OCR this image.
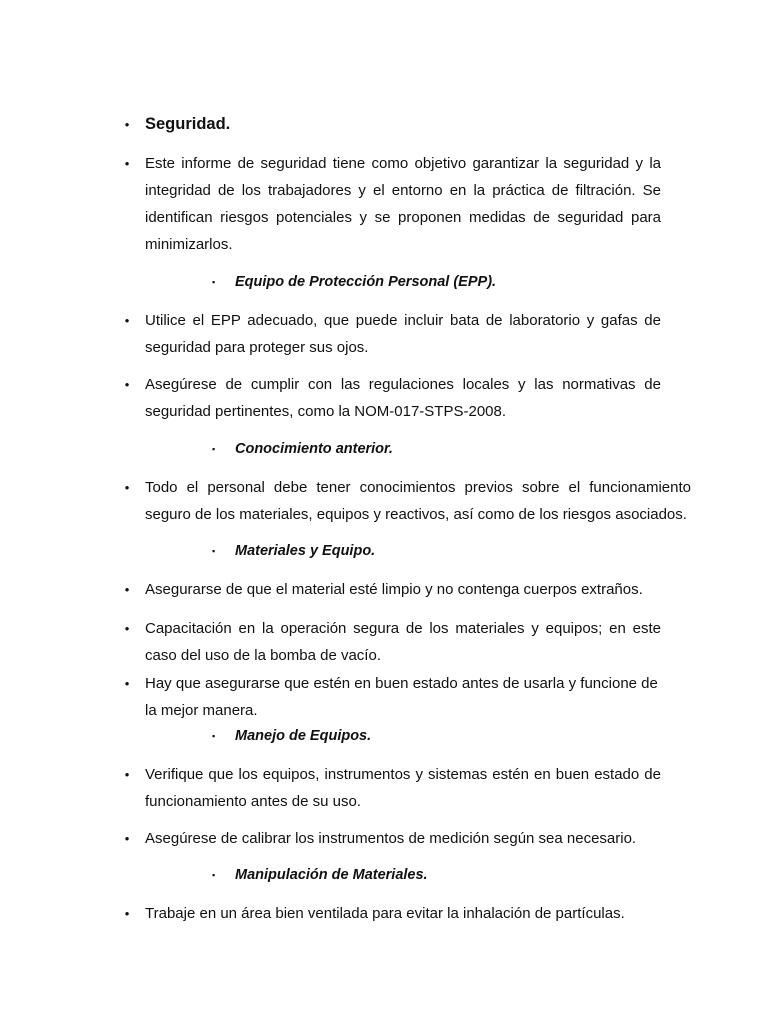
• Seguridad.
•	Este informe de seguridad tiene como objetivo garantizar la seguridad y la integridad de los trabajadores y el entorno en la práctica de filtración. Se identifican riesgos potenciales y se proponen medidas de seguridad para minimizarlos.

▪ Equipo de Protección Personal (EPP).
•	Utilice el EPP adecuado, que puede incluir bata de laboratorio y gafas de seguridad para proteger sus ojos.

•	Asegúrese de cumplir con las regulaciones locales y las normativas de seguridad pertinentes, como la NOM-017-STPS-2008.

▪ Conocimiento anterior.
•	Todo el personal debe tener conocimientos previos sobre el funcionamiento seguro de los materiales, equipos y reactivos, así como de los riesgos asociados.

▪ Materiales y Equipo.
•	Asegurarse de que el material esté limpio y no contenga cuerpos extraños.

•	Capacitación en la operación segura de los materiales y equipos; en este caso del uso de la bomba de vacío.

•	Hay que asegurarse que estén en buen estado antes de usarla y funcione de la mejor manera.

▪ Manejo de Equipos.
•	Verifique que los equipos, instrumentos y sistemas estén en buen estado de funcionamiento antes de su uso.

•	Asegúrese de calibrar los instrumentos de medición según sea necesario.

▪ Manipulación de Materiales.
•	Trabaje en un área bien ventilada para evitar la inhalación de partículas.
